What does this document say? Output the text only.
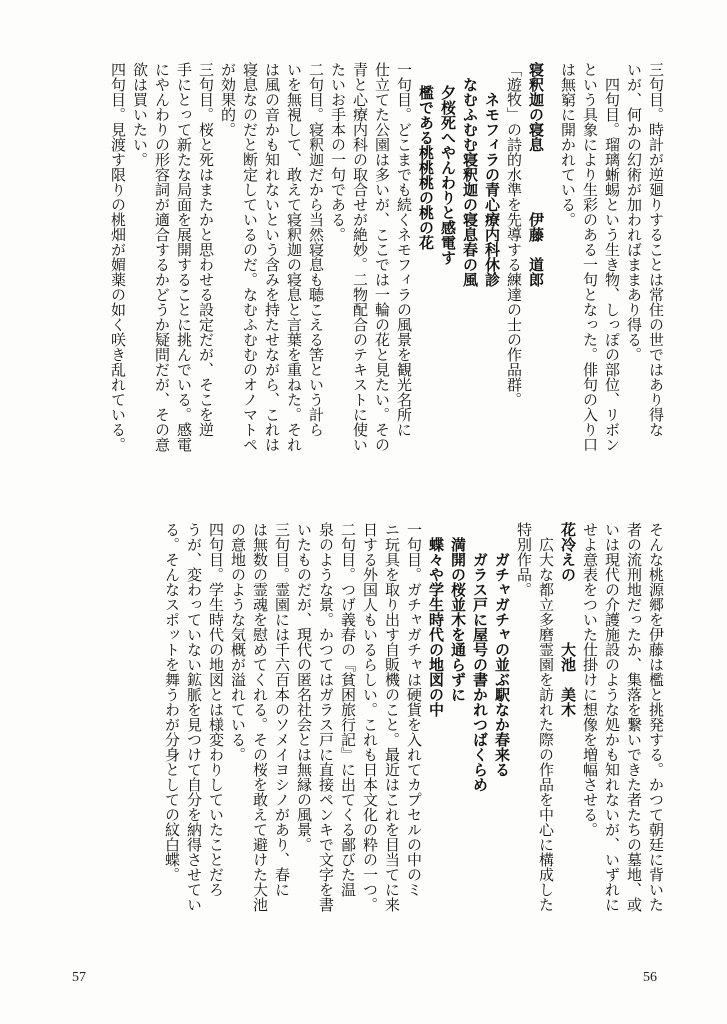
三句目。時計が逆廻りすることは常住の世ではあり得な

いが、何かの幻術が加わればままあり得る。

四句目。瑠璃蜥蜴という生き物、しっぽの部位、リボン

という具象により生彩のある一句となった。俳句の入り口

は無窮に開かれている。

そんな桃源郷を伊藤は檻と挑発する。かつて朝廷に背いた

者の流刑地だったか、集落を繋いできた者たちの墓地、或

いは現代の介護施設のような処かも知れないが、いずれに

せよ意表をついた仕掛けに想像を増幅させる。

花冷えの大池　美木

広大な都立多磨霊園を訪れた際の作品を中心に構成した

特別作品。

ガチャガチャの並ぶ駅なか春来る

ガラス戸に屋号の書かれつばくらめ

満開の桜並木を通らずに

蝶々や学生時代の地図の中

一句目。ガチャガチャは硬貨を入れてカプセルの中のミ

ニ玩具を取り出す自販機のこと。最近はこれを目当てに来

日する外国人もいるらしい。これも日本文化の粋の一つ。

二句目。つげ義春の『貧困旅行記』に出てくる鄙びた温

泉のような景。かつてはガラス戸に直接ペンキで文字を書

いたものだが、現代の匿名社会とは無縁の風景。

三句目。霊園には千六百本のソメイヨシノがあり、春に

は無数の霊魂を慰めてくれる。その桜を敢えて避けた大池

の意地のような気概が溢れている。

四句目。学生時代の地図とは様変わりしていたことだろ

うが、変わっていない鉱脈を見つけて自分を納得させてい

る。そんなスポットを舞うわが分身としての紋白蝶。

寝釈迦の寝息伊藤　道郎

「遊牧」の詩的水準を先導する練達の士の作品群。

ネモフィラの青心療内科休診

なむふむむ寝釈迦の寝息春の風

夕桜死へやんわりと感電す

檻である桃桃桃の桃の花

一句目。どこまでも続くネモフィラの風景を観光名所に

仕立てた公園は多いが、ここでは一輪の花と見たい。その

青と心療内科の取合せが絶妙。二物配合のテキストに使い

たいお手本の一句である。

二句目。寝釈迦だから当然寝息も聴こえる筈という計ら

いを無視して、敢えて寝釈迦の寝息と言葉を重ねた。それ

は風の音かも知れないという含みを持たせながら、これは

寝息なのだと断定しているのだ。なむふむむのオノマトペ

が効果的。

三句目。桜と死はまたかと思わせる設定だが、そこを逆

手にとって新たな局面を展開することに挑んでいる。感電

にやんわりの形容詞が適合するかどうか疑問だが、その意

欲は買いたい。

四句目。見渡す限りの桃畑が媚薬の如く咲き乱れている。

57	56
